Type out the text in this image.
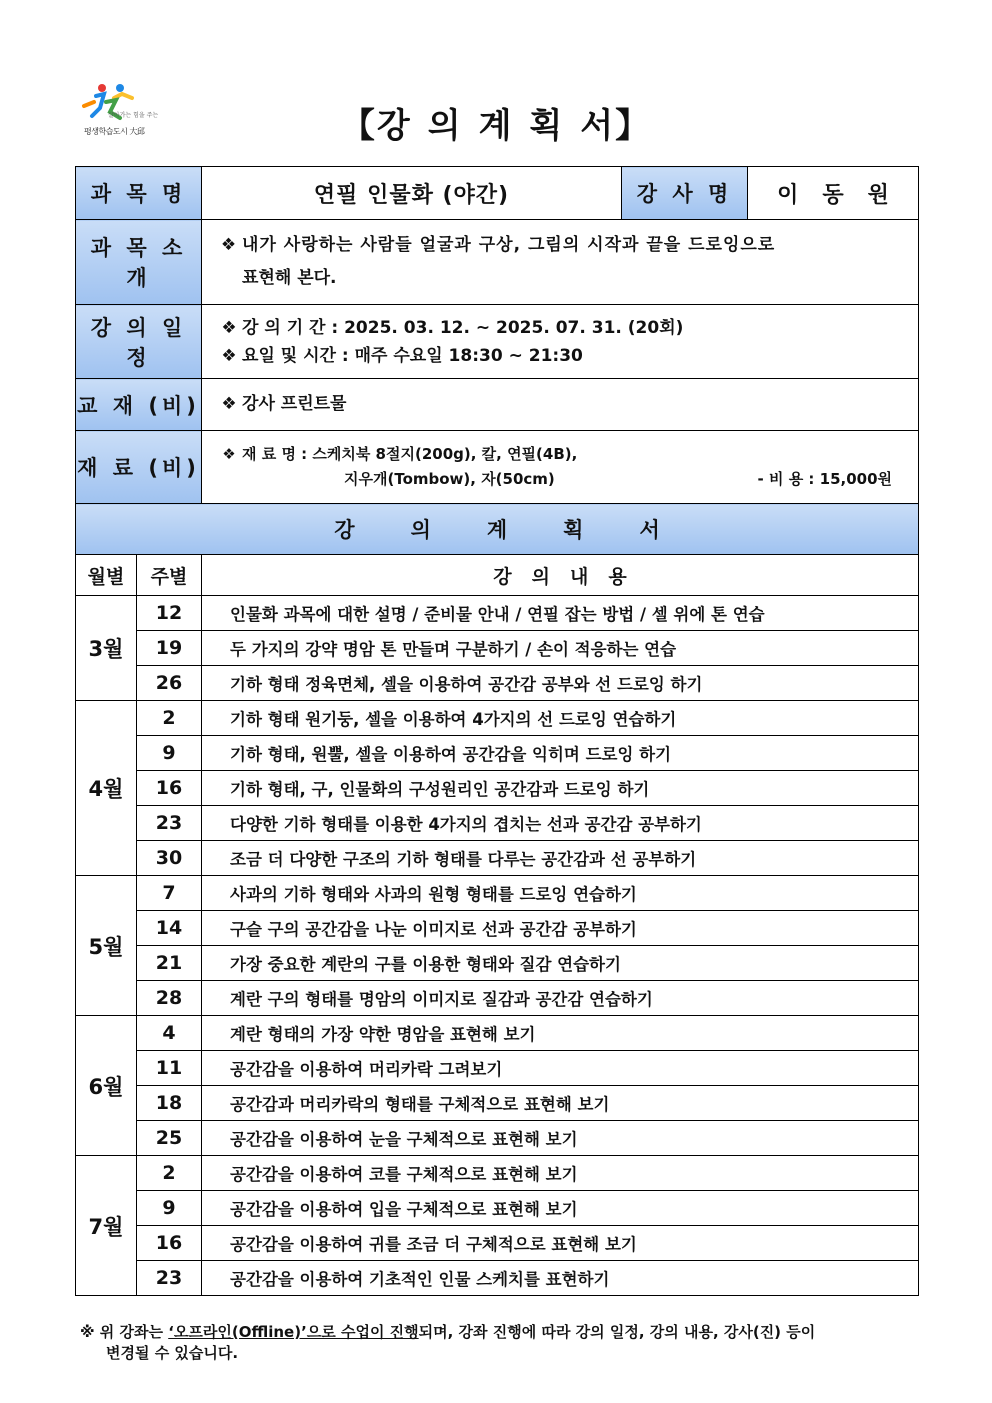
살아가는 힘을 주는
평생학습도시 大邱	【강 의 계 획 서】
과 목 명		연필 인물화 (야간)	강 사 명	이 동 원
과 목 소 개		❖ 내가 사랑하는 사람들 얼굴과 구상, 그림의 시작과 끝을 드로잉으로
표현해 본다.		

강 의 일 정		❖ 강 의 기 간 : 2025. 03. 12. ~ 2025. 07. 31. (20회)
❖ 요일 및 시간 : 매주 수요일 18:30 ~ 21:30		

교 재 (비)		❖ 강사 프린트물		
재 료 (비)		❖ 재 료 명 : 스케치북 8절지(200g), 칼, 연필(4B),
지우개(Tombow), 자(50cm) - 비 용 : 15,000원		

강 의 계 획 서				
월별	주별	강 의 내 용		
3월	12	인물화 과목에 대한 설명 / 준비물 안내 / 연필 잡는 방법 / 셀 위에 톤 연습		
	19	두 가지의 강약 명암 톤 만들며 구분하기 / 손이 적응하는 연습		
	26	기하 형태 정육면체, 셀을 이용하여 공간감 공부와 선 드로잉 하기		
4월	2	기하 형태 원기둥, 셀을 이용하여 4가지의 선 드로잉 연습하기		
	9	기하 형태, 원뿔, 셀을 이용하여 공간감을 익히며 드로잉 하기		
	16	기하 형태, 구, 인물화의 구성원리인 공간감과 드로잉 하기		
	23	다양한 기하 형태를 이용한 4가지의 겹치는 선과 공간감 공부하기		
	30	조금 더 다양한 구조의 기하 형태를 다루는 공간감과 선 공부하기		
5월	7	사과의 기하 형태와 사과의 원형 형태를 드로잉 연습하기		
	14	구슬 구의 공간감을 나눈 이미지로 선과 공간감 공부하기		
	21	가장 중요한 계란의 구를 이용한 형태와 질감 연습하기		
	28	계란 구의 형태를 명암의 이미지로 질감과 공간감 연습하기		
6월	4	계란 형태의 가장 약한 명암을 표현해 보기		
	11	공간감을 이용하여 머리카락 그려보기		
	18	공간감과 머리카락의 형태를 구체적으로 표현해 보기		
	25	공간감을 이용하여 눈을 구체적으로 표현해 보기		
7월	2	공간감을 이용하여 코를 구체적으로 표현해 보기		
	9	공간감을 이용하여 입을 구체적으로 표현해 보기		
	16	공간감을 이용하여 귀를 조금 더 구체적으로 표현해 보기		
	23	공간감을 이용하여 기초적인 인물 스케치를 표현하기		
※ 위 강좌는 ‘오프라인(Offline)’으로 수업이 진행되며, 강좌 진행에 따라 강의 일정, 강의 내용, 강사(진) 등이
변경될 수 있습니다.
